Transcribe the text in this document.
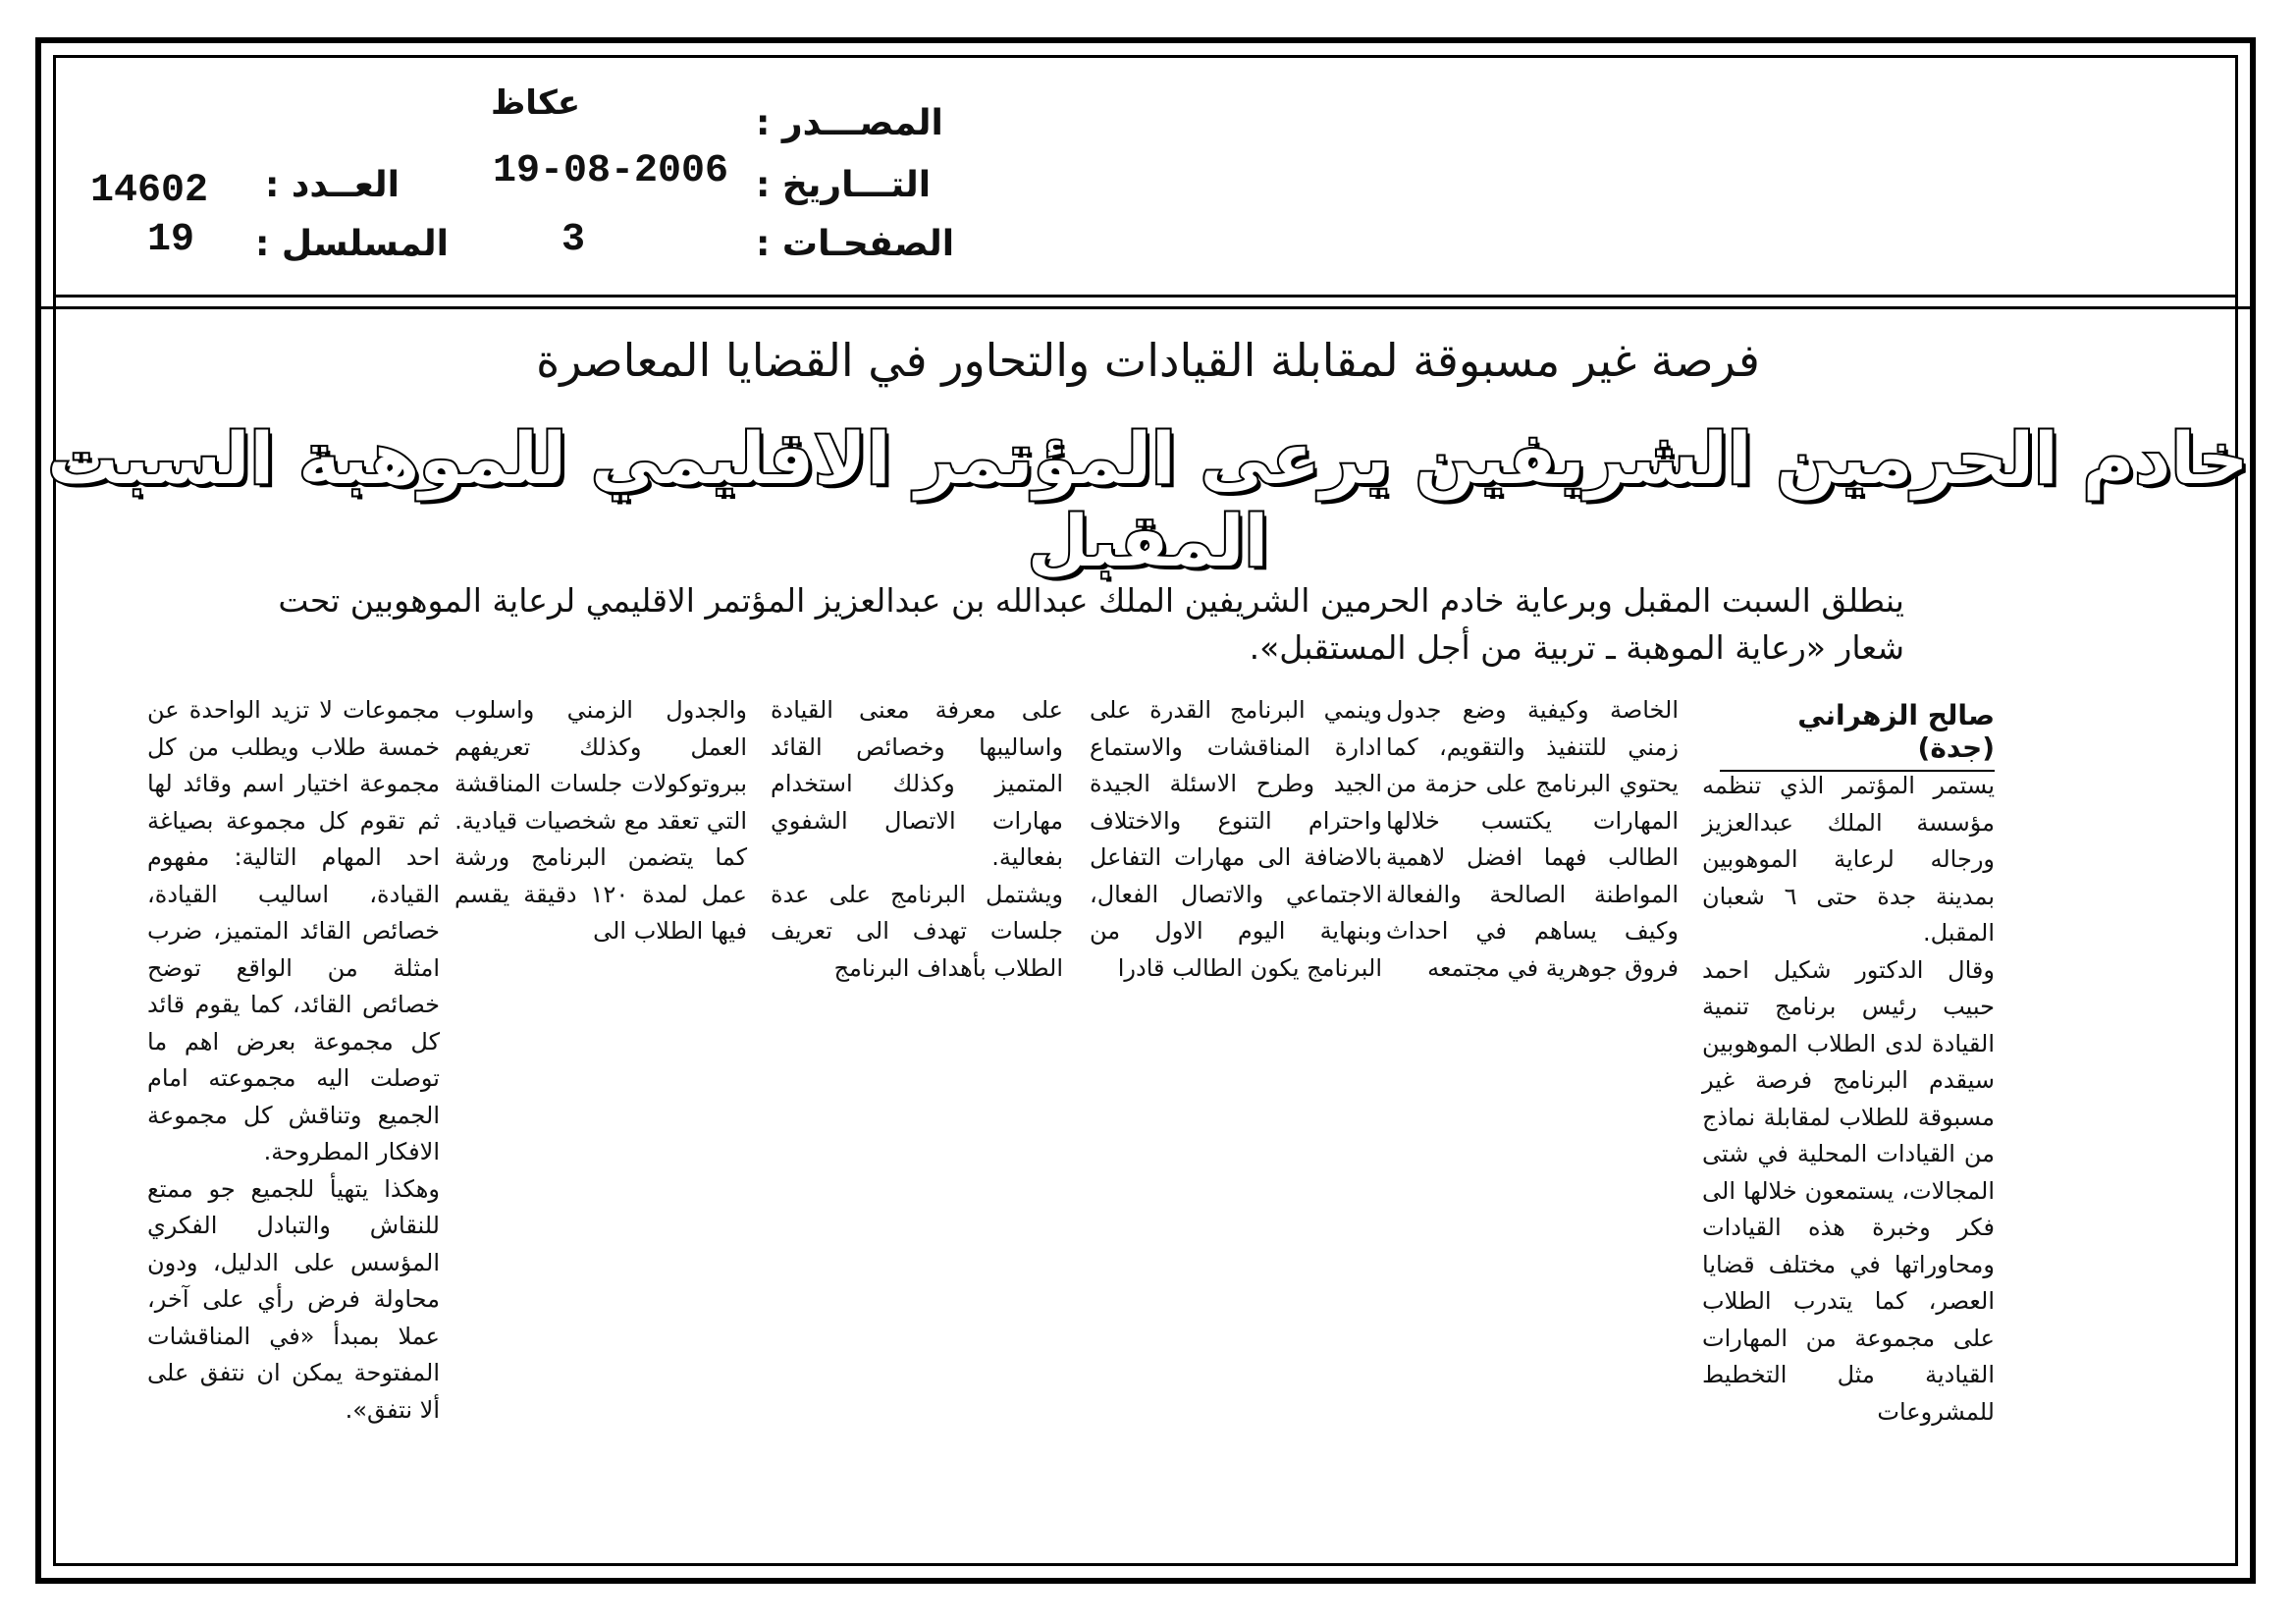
المصـــدر :
عكاظ
التـــاريخ :
19-08-2006
الصفحـات :
3
العــدد :
14602
المسلسل :
19
فرصة غير مسبوقة لمقابلة القيادات والتحاور في القضايا المعاصرة
خادم الحرمين الشريفين يرعى المؤتمر الاقليمي للموهبة السبت المقبل
ينطلق السبت المقبل وبرعاية خادم الحرمين الشريفين الملك عبدالله بن عبدالعزيز المؤتمر الاقليمي لرعاية الموهوبين تحت شعار «رعاية الموهبة ـ تربية من أجل المستقبل».
صالح الزهراني (جدة)
يستمر المؤتمر الذي تنظمه مؤسسة الملك عبدالعزيز ورجاله لرعاية الموهوبين بمدينة جدة حتى ٦ شعبان المقبل.
وقال الدكتور شكيل احمد حبيب رئيس برنامج تنمية القيادة لدى الطلاب الموهوبين سيقدم البرنامج فرصة غير مسبوقة للطلاب لمقابلة نماذج من القيادات المحلية في شتى المجالات، يستمعون خلالها الى فكر وخبرة هذه القيادات ومحاوراتها في مختلف قضايا العصر، كما يتدرب الطلاب على مجموعة من المهارات القيادية مثل التخطيط للمشروعات
الخاصة وكيفية وضع جدول زمني للتنفيذ والتقويم، كما يحتوي البرنامج على حزمة من المهارات يكتسب خلالها الطالب فهما افضل لاهمية المواطنة الصالحة والفعالة وكيف يساهم في احداث فروق جوهرية في مجتمعه
وينمي البرنامج القدرة على ادارة المناقشات والاستماع الجيد وطرح الاسئلة الجيدة واحترام التنوع والاختلاف بالاضافة الى مهارات التفاعل الاجتماعي والاتصال الفعال، وبنهاية اليوم الاول من البرنامج يكون الطالب قادرا
على معرفة معنى القيادة واساليبها وخصائص القائد المتميز وكذلك استخدام مهارات الاتصال الشفوي بفعالية.
ويشتمل البرنامج على عدة جلسات تهدف الى تعريف الطلاب بأهداف البرنامج
والجدول الزمني واسلوب العمل وكذلك تعريفهم ببروتوكولات جلسات المناقشة التي تعقد مع شخصيات قيادية.
كما يتضمن البرنامج ورشة عمل لمدة ١٢٠ دقيقة يقسم فيها الطلاب الى
مجموعات لا تزيد الواحدة عن خمسة طلاب ويطلب من كل مجموعة اختيار اسم وقائد لها ثم تقوم كل مجموعة بصياغة احد المهام التالية: مفهوم القيادة، اساليب القيادة، خصائص القائد المتميز، ضرب امثلة من الواقع توضح خصائص القائد، كما يقوم قائد كل مجموعة بعرض اهم ما توصلت اليه مجموعته امام الجميع وتناقش كل مجموعة الافكار المطروحة.
وهكذا يتهيأ للجميع جو ممتع للنقاش والتبادل الفكري المؤسس على الدليل، ودون محاولة فرض رأي على آخر، عملا بمبدأ «في المناقشات المفتوحة يمكن ان نتفق على ألا نتفق».
